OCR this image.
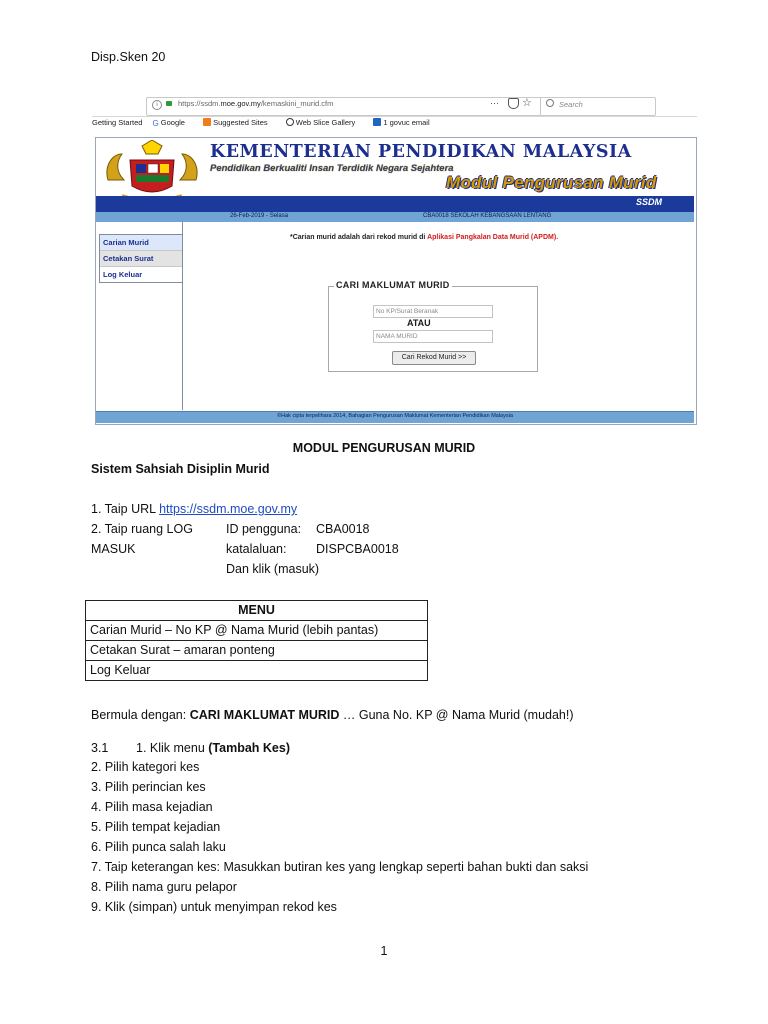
Disp.Sken 20
i	https://ssdm.moe.gov.my/kemaskini_murid.cfm	··· ☆	Search
Getting Started G Google	Suggested Sites	Web Slice Gallery	1 govuc email
KEMENTERIAN PENDIDIKAN MALAYSIA
Pendidikan Berkualiti Insan Terdidik Negara Sejahtera
Modul Pengurusan Murid
SSDM
26-Feb-2019 - Selasa	CBA0018 SEKOLAH KEBANGSAAN LENTANG
Carian Murid
Cetakan Surat
Log Keluar
*Carian murid adalah dari rekod murid di Aplikasi Pangkalan Data Murid (APDM).
CARI MAKLUMAT MURID
No KP/Surat Beranak
ATAU
NAMA MURID
Cari Rekod Murid >>
©Hak cipta terpelihara 2014, Bahagian Pengurusan Maklumat Kementerian Pendidikan Malaysia
MODUL PENGURUSAN MURID
Sistem Sahsiah Disiplin Murid
1. Taip URL https://ssdm.moe.gov.my
2. Taip ruang LOG
MASUK
ID pengguna: CBA0018
katalaluan: DISPCBA0018
Dan klik (masuk)
MENU
Carian Murid – No KP @ Nama Murid (lebih pantas)
Cetakan Surat – amaran ponteng
Log Keluar
Bermula dengan: CARI MAKLUMAT MURID … Guna No. KP @ Nama Murid (mudah!)
3.1 1. Klik menu (Tambah Kes)
2. Pilih kategori kes
3. Pilih perincian kes
4. Pilih masa kejadian
5. Pilih tempat kejadian
6. Pilih punca salah laku
7. Taip keterangan kes: Masukkan butiran kes yang lengkap seperti bahan bukti dan saksi
8. Pilih nama guru pelapor
9. Klik (simpan) untuk menyimpan rekod kes
1
